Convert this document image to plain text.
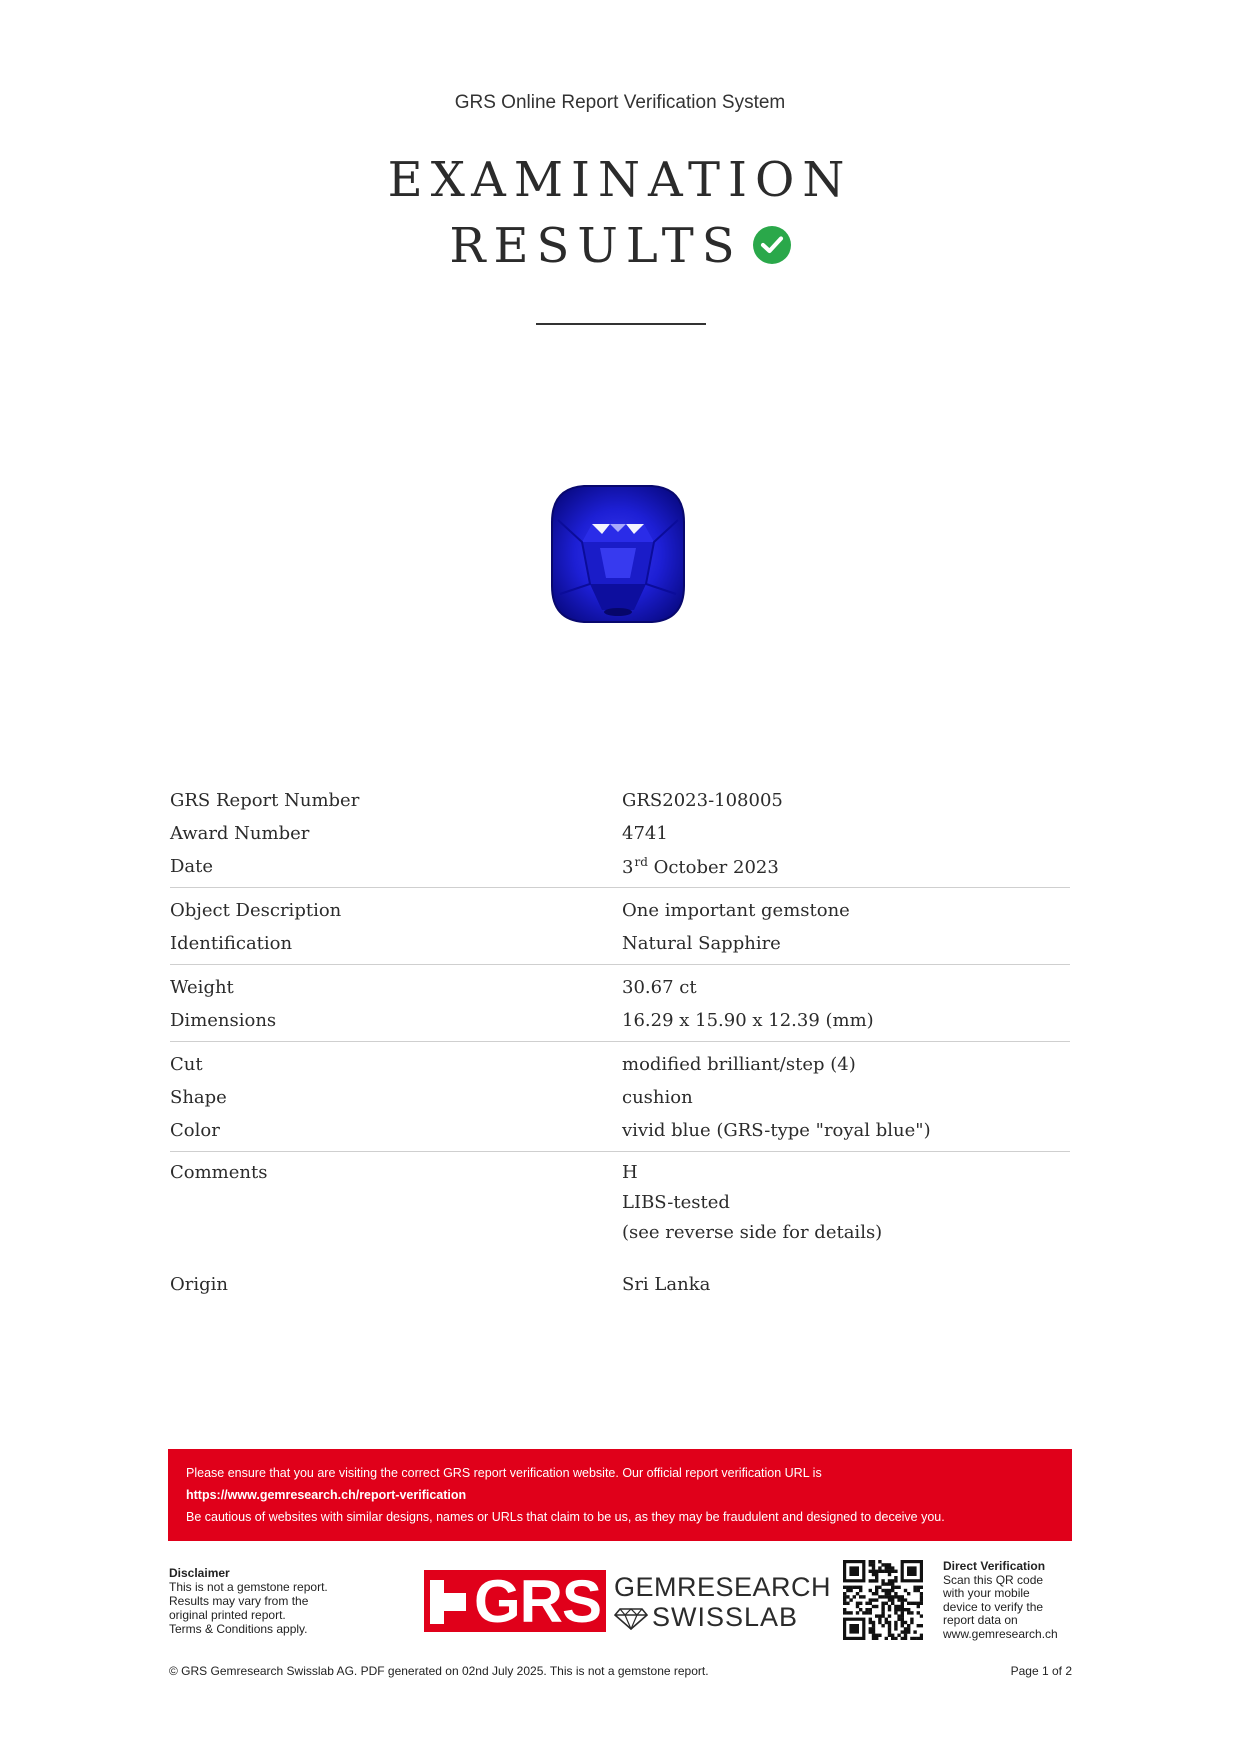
GRS Online Report Verification System
EXAMINATION
RESULTS
GRS Report Number	GRS2023-108005
Award Number	4741
Date	3rd October 2023
Object Description	One important gemstone
Identification	Natural Sapphire
Weight	30.67 ct
Dimensions	16.29 x 15.90 x 12.39 (mm)
Cut	modified brilliant/step (4)
Shape	cushion
Color	vivid blue (GRS-type "royal blue")
Comments	H
LIBS-tested
(see reverse side for details)
Origin	Sri Lanka

Please ensure that you are visiting the correct GRS report verification website. Our official report verification URL is

https://www.gemresearch.ch/report-verification

Be cautious of websites with similar designs, names or URLs that claim to be us, as they may be fraudulent and designed to deceive you.

Disclaimer
This is not a gemstone report.
Results may vary from the
original printed report.
Terms & Conditions apply.	GRS GEMRESEARCH
SWISSLAB
Direct Verification
Scan this QR code
with your mobile
device to verify the
report data on
www.gemresearch.ch
© GRS Gemresearch Swisslab AG. PDF generated on 02nd July 2025. This is not a gemstone report.	Page 1 of 2
